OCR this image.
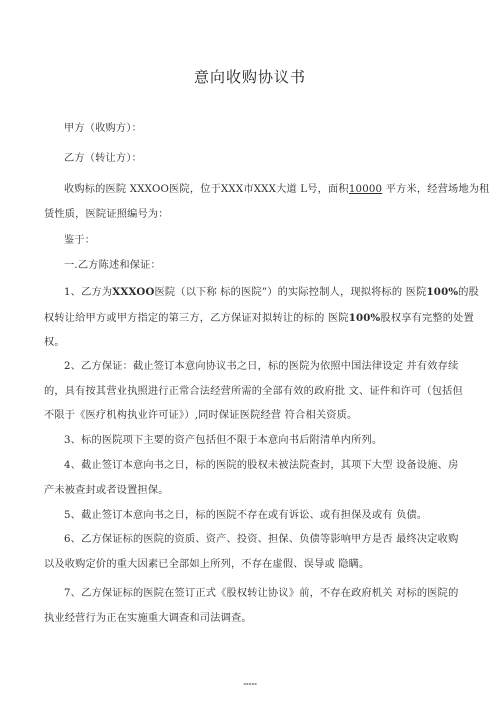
意向收购协议书
甲方（收购方）：
乙方（转让方）：
收购标的医院 XXXOO医院，位于XXX市XXX大道 L号，面积10000 平方米，经营场地为租
赁性质，医院证照编号为：
鉴于：
一.乙方陈述和保证：
1、乙方为XXXOO医院（以下称 标的医院”）的实际控制人，现拟将标的 医院100%的股
权转让给甲方或甲方指定的第三方，乙方保证对拟转让的标的 医院100%股权享有完整的处置
权。
2、乙方保证：截止签订本意向协议书之日，标的医院为依照中国法律设定 并有效存续
的，具有按其营业执照进行正常合法经营所需的全部有效的政府批 文、证件和许可（包括但
不限于《医疗机构执业许可证》）,同时保证医院经营 符合相关资质。
3、标的医院项下主要的资产包括但不限于本意向书后附清单内所列。
4、截止签订本意向书之日，标的医院的股权未被法院查封，其项下大型 设备设施、房
产未被查封或者设置担保。
5、截止签订本意向书之日，标的医院不存在或有诉讼、或有担保及或有 负债。
6、乙方保证标的医院的资质、资产、投资、担保、负债等影响甲方是否 最终决定收购
以及收购定价的重大因素已全部如上所列，不存在虚假、误导或 隐瞒。
7、乙方保证标的医院在签订正式《股权转让协议》前，不存在政府机关 对标的医院的
执业经营行为正在实施重大调查和司法调查。
▪▪▪▪▪
